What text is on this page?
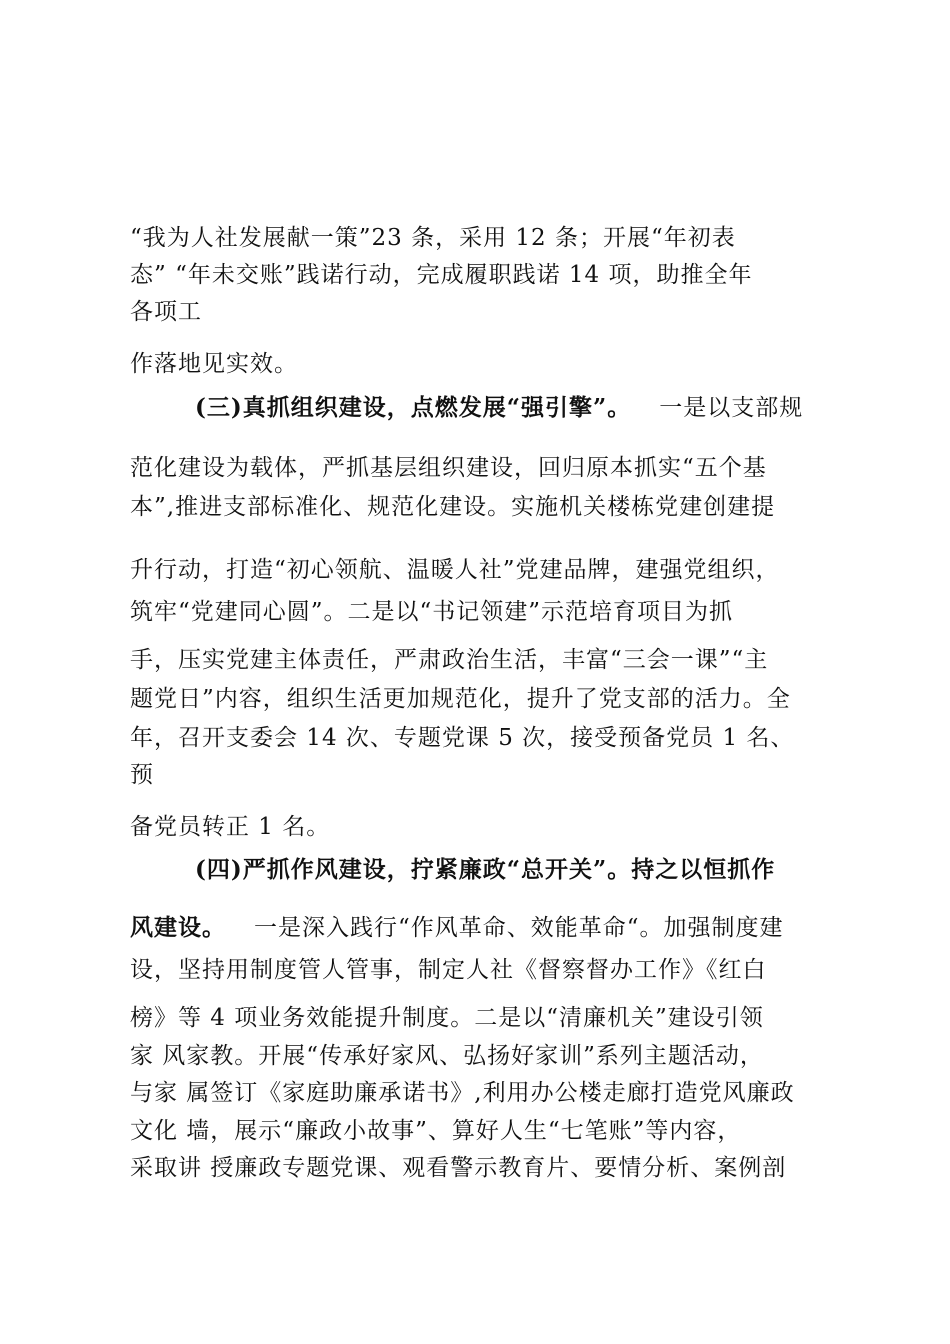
“我为人社发展献一策”23 条，采用 12 条；开展“年初表
态” “年未交账”践诺行动，完成履职践诺 14 项，助推全年
各项工
作落地见实效。
(三)真抓组织建设，点燃发展“强引擎”。 一是以支部规
范化建设为载体，严抓基层组织建设，回归原本抓实“五个基
本”,推进支部标准化、规范化建设。实施机关楼栋党建创建提
升行动，打造“初心领航、温暖人社”党建品牌，建强党组织，
筑牢“党建同心圆”。二是以“书记领建”示范培育项目为抓
手，压实党建主体责任，严肃政治生活，丰富“三会一课”“主
题党日”内容，组织生活更加规范化，提升了党支部的活力。全
年，召开支委会 14 次、专题党课 5 次，接受预备党员 1 名、
预
备党员转正 1 名。
(四)严抓作风建设，拧紧廉政“总开关”。持之以恒抓作
风建设。 一是深入践行“作风革命、效能革命“。加强制度建
设，坚持用制度管人管事，制定人社《督察督办工作》《红白
榜》等 4 项业务效能提升制度。二是以“清廉机关”建设引领
家 风家教。开展“传承好家风、弘扬好家训”系列主题活动，
与家 属签订《家庭助廉承诺书》,利用办公楼走廊打造党风廉政
文化 墙，展示“廉政小故事”、算好人生“七笔账”等内容，
采取讲 授廉政专题党课、观看警示教育片、要情分析、案例剖
